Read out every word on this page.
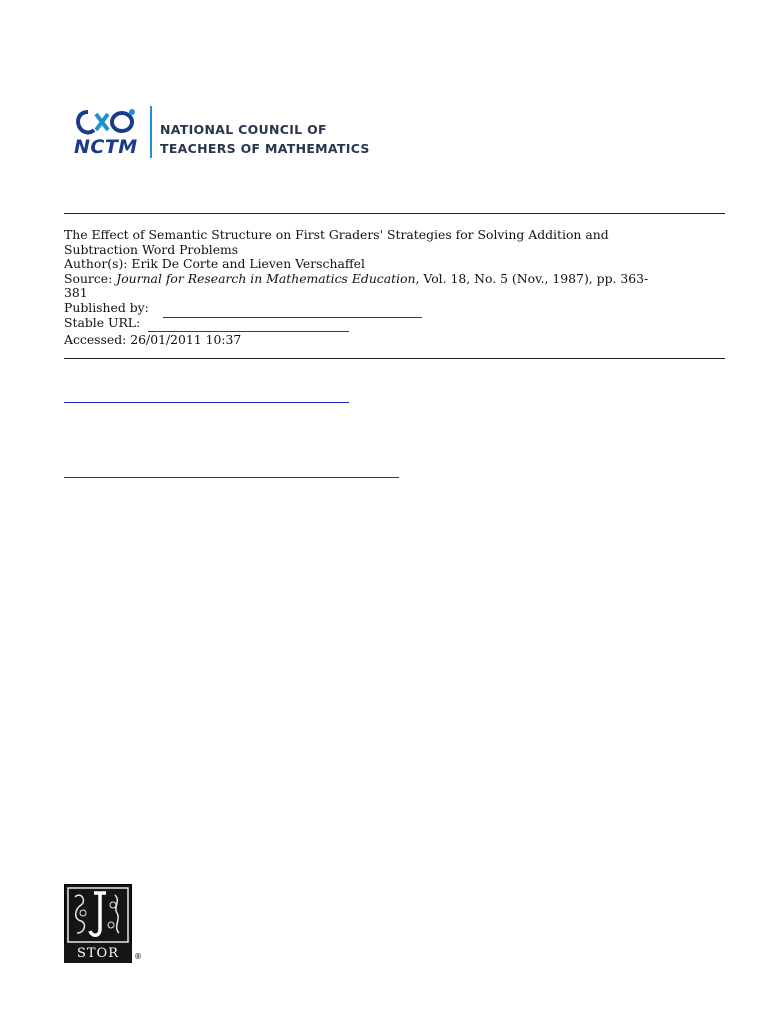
NCTM
NATIONAL COUNCIL OF
TEACHERS OF MATHEMATICS
The Effect of Semantic Structure on First Graders' Strategies for Solving Addition and
Subtraction Word Problems
Author(s): Erik De Corte and Lieven Verschaffel
Source: Journal for Research in Mathematics Education, Vol. 18, No. 5 (Nov., 1987), pp. 363-
381
Published by:
Stable URL:
Accessed: 26/01/2011 10:37
STOR	®
